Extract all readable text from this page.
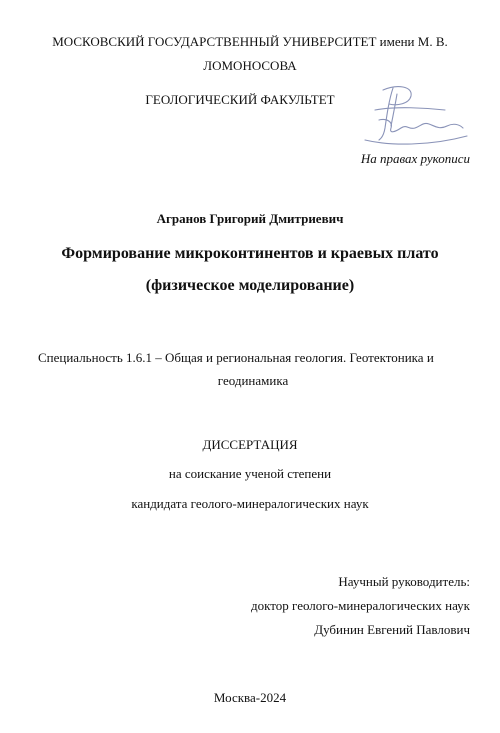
МОСКОВСКИЙ ГОСУДАРСТВЕННЫЙ УНИВЕРСИТЕТ имени М. В.
ЛОМОНОСОВА
ГЕОЛОГИЧЕСКИЙ ФАКУЛЬТЕТ
На правах рукописи
Агранов Григорий Дмитриевич
Формирование микроконтинентов и краевых плато
(физическое моделирование)
Специальность 1.6.1 – Общая и региональная геология. Геотектоника и
геодинамика
ДИССЕРТАЦИЯ
на соискание ученой степени
кандидата геолого-минералогических наук
Научный руководитель:
доктор геолого-минералогических наук
Дубинин Евгений Павлович
Москва-2024
